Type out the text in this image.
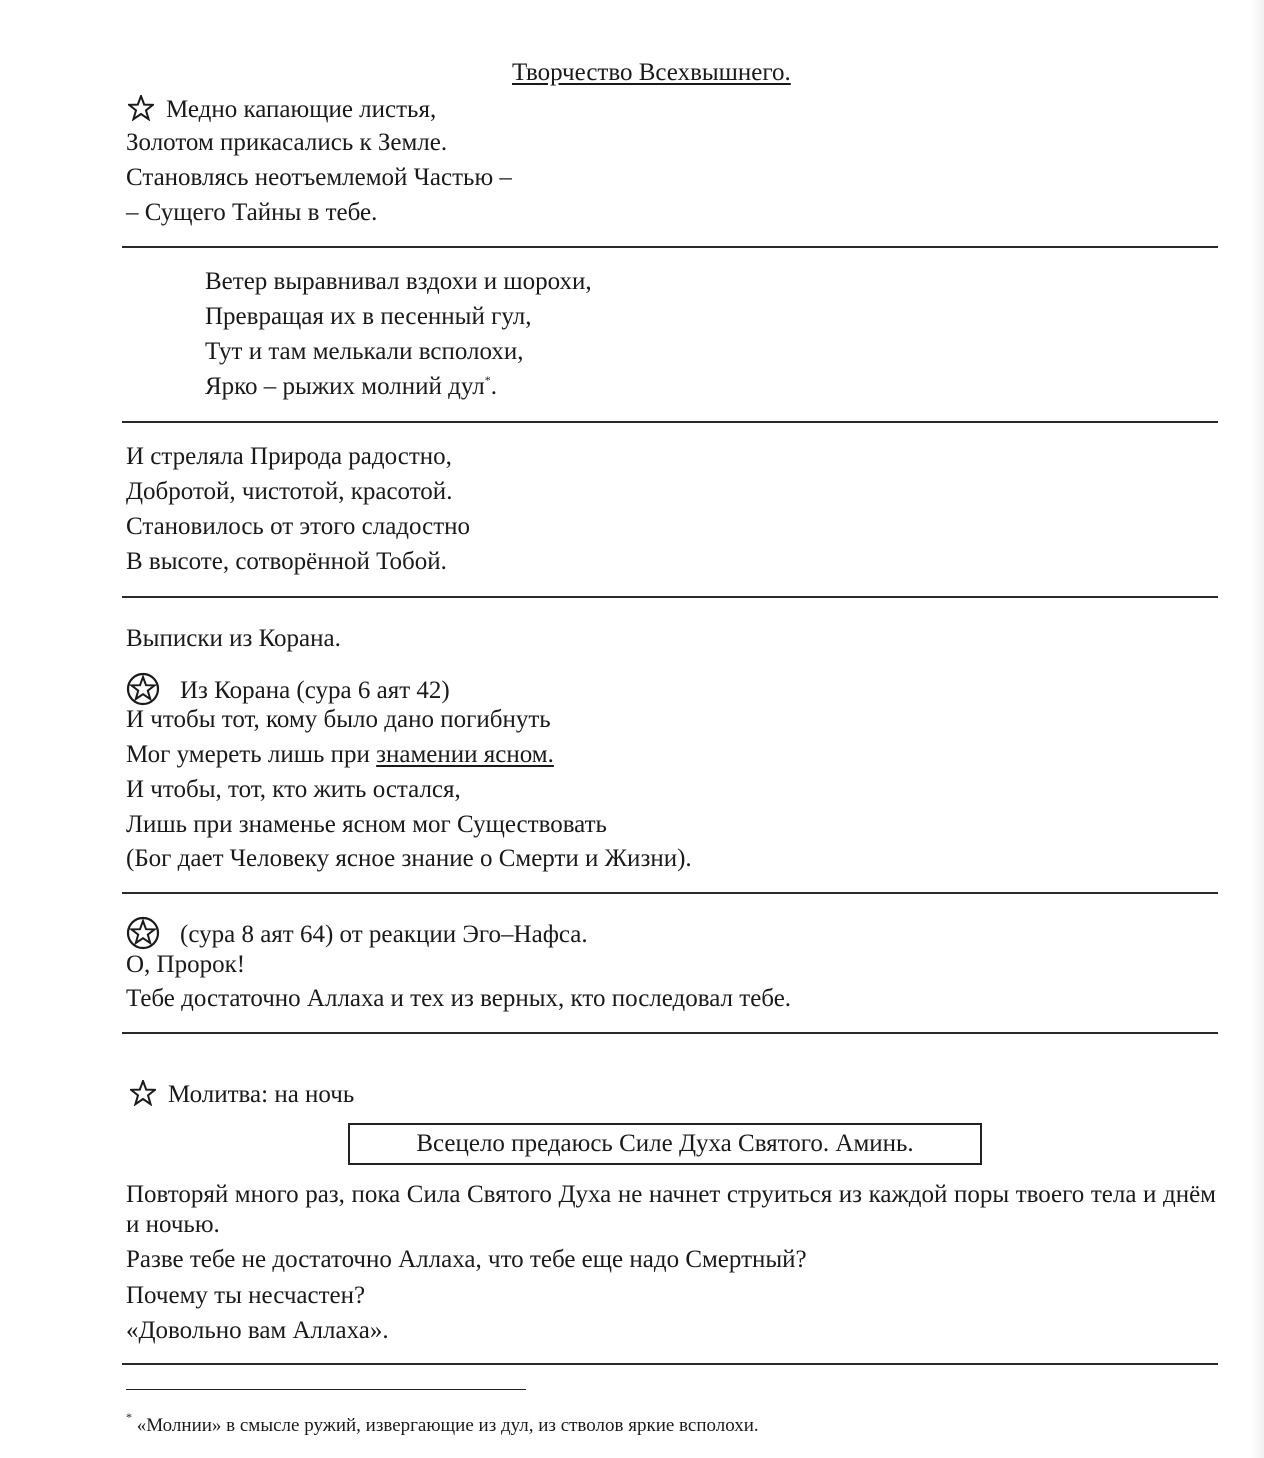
Творчество Всехвышнего.
Медно капающие листья,
Золотом прикасались к Земле.
Становлясь неотъемлемой Частью –
– Сущего Тайны в тебе.
Ветер выравнивал вздохи и шорохи,
Превращая их в песенный гул,
Тут и там мелькали всполохи,
Ярко – рыжих молний дул*.
И стреляла Природа радостно,
Добротой, чистотой, красотой.
Становилось от этого сладостно
В высоте, сотворённой Тобой.
Выписки из Корана.
Из Корана (сура 6 аят 42)
И чтобы тот, кому было дано погибнуть
Мог умереть лишь при знамении ясном.
И чтобы, тот, кто жить остался,
Лишь при знаменье ясном мог Существовать
(Бог дает Человеку ясное знание о Смерти и Жизни).
(сура 8 аят 64) от реакции Эго–Нафса.
О, Пророк!
Тебе достаточно Аллаха и тех из верных, кто последовал тебе.
Молитва: на ночь
Всецело предаюсь Силе Духа Святого. Аминь.
Повторяй много раз, пока Сила Святого Духа не начнет струиться из каждой поры твоего тела и днём и ночью.
Разве тебе не достаточно Аллаха, что тебе еще надо Смертный?
Почему ты несчастен?
«Довольно вам Аллаха».
* «Молнии» в смысле ружий, извергающие из дул, из стволов яркие всполохи.
